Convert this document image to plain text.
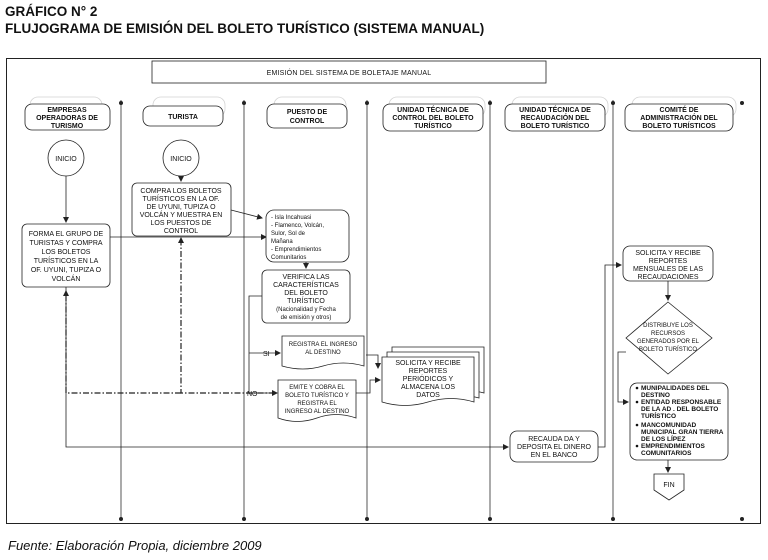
GRÁFICO N° 2
FLUJOGRAMA DE EMISIÓN DEL BOLETO TURÍSTICO (SISTEMA MANUAL)
EMISIÓN DEL SISTEMA DE BOLETAJE MANUAL
EMPRESAS
OPERADORAS DE
TURISMO
TURISTA
PUESTO DE
CONTROL
UNIDAD TÉCNICA DE
CONTROL DEL BOLETO
TURÍSTICO
UNIDAD TÉCNICA DE
RECAUDACIÓN DEL
BOLETO TURÍSTICO
COMITÉ DE
ADMINISTRACIÓN DEL
BOLETO TURÍSTICOS
INICIO	INICIO
FORMA EL GRUPO DE
TURISTAS Y COMPRA
LOS BOLETOS
TURÍSTICOS EN LA
OF. UYUNI, TUPIZA O
VOLCÁN
COMPRA LOS BOLETOS
TURÍSTICOS EN LA OF.
DE UYUNI, TUPIZA O
VOLCÁN Y MUESTRA EN
LOS PUESTOS DE
CONTROL
- Isla Incahuasi
- Flamenco, Volcán,
Sulor, Sol de
Mañana
- Emprendimientos
Comunitarios
VERIFICA LAS
CARACTERÍSTICAS
DEL BOLETO
TURÍSTICO
(Nacionalidad y Fecha
de emisión y otros)
SI
NO
REGISTRA EL INGRESO
AL DESTINO
EMITE Y COBRA EL
BOLETO TURÍSTICO Y
REGISTRA EL
INGRESO AL DESTINO
SOLICITA Y RECIBE
REPORTES
PERIÓDICOS Y
ALMACENA LOS
DATOS
RECAUDA DA Y
DEPOSITA EL DINERO
EN EL BANCO
SOLICITA Y RECIBE
REPORTES
MENSUALES DE LAS
RECAUDACIONES
DISTRIBUYE LOS
RECURSOS
GENERADOS POR EL
BOLETO TURÍSTICO
MUNIPALIDADES DEL
DESTINO
ENTIDAD RESPONSABLE
DE LA AD . DEL BOLETO
TURÍSTICO
MANCOMUNIDAD
MUNICIPAL GRAN TIERRA
DE LOS LÍPEZ
EMPRENDIMIENTOS
COMUNITARIOS
FIN
Fuente: Elaboración Propia, diciembre 2009
